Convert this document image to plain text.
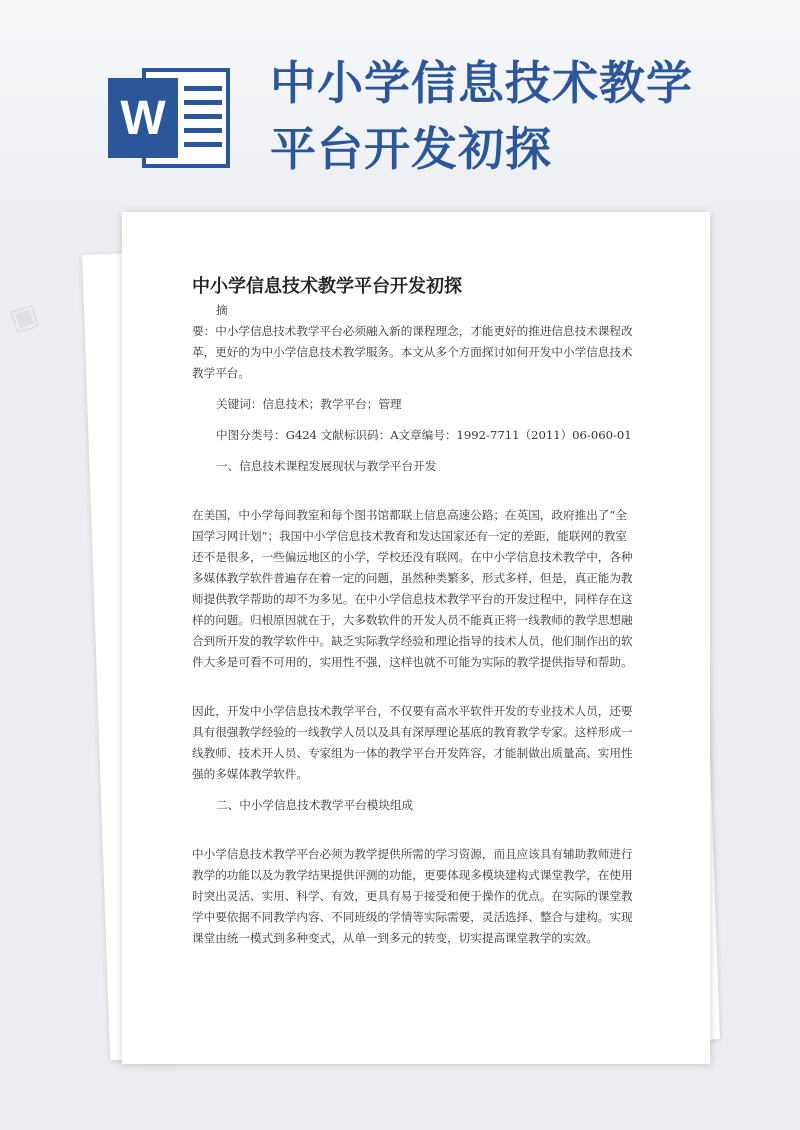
W
中小学信息技术教学平台开发初探
▣

中小学信息技术教学平台开发初探

摘

要：中小学信息技术教学平台必须融入新的课程理念，才能更好的推进信息技术课程改革，更好的为中小学信息技术教学服务。本文从多个方面探讨如何开发中小学信息技术教学平台。

关键词：信息技术；教学平台；管理

中图分类号：G424 文献标识码：A文章编号：1992-7711（2011）06-060-01

一、信息技术课程发展现状与教学平台开发

在美国，中小学每间教室和每个图书馆都联上信息高速公路；在英国，政府推出了“全国学习网计划”；我国中小学信息技术教育和发达国家还有一定的差距，能联网的教室还不是很多，一些偏远地区的小学，学校还没有联网。在中小学信息技术教学中，各种多媒体教学软件普遍存在着一定的问题，虽然种类繁多，形式多样，但是，真正能为教师提供教学帮助的却不为多见。在中小学信息技术教学平台的开发过程中，同样存在这样的问题。归根原因就在于，大多数软件的开发人员不能真正将一线教师的教学思想融合到所开发的教学软件中。缺乏实际教学经验和理论指导的技术人员，他们制作出的软件大多是可看不可用的，实用性不强，这样也就不可能为实际的教学提供指导和帮助。

因此，开发中小学信息技术教学平台，不仅要有高水平软件开发的专业技术人员，还要具有很强教学经验的一线教学人员以及具有深厚理论基底的教育教学专家。这样形成一线教师、技术开人员、专家组为一体的教学平台开发阵容，才能制做出质量高、实用性强的多媒体教学软件。

二、中小学信息技术教学平台模块组成

中小学信息技术教学平台必须为教学提供所需的学习资源，而且应该具有辅助教师进行教学的功能以及为教学结果提供评测的功能，更要体现多模块建构式课堂教学，在使用时突出灵活、实用、科学、有效，更具有易于接受和便于操作的优点。在实际的课堂教学中要依据不同教学内容、不同班级的学情等实际需要，灵活选择、整合与建构。实现课堂由统一模式到多种变式，从单一到多元的转变，切实提高课堂教学的实效。
